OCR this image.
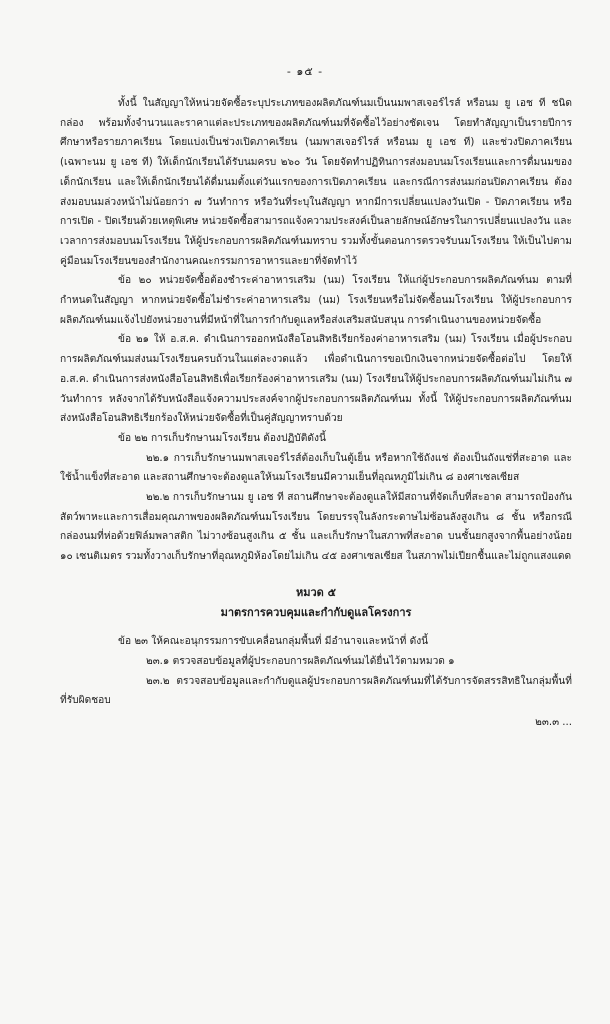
- ๑๕ -

ทั้งนี้ ในสัญญาให้หน่วยจัดซื้อระบุประเภทของผลิตภัณฑ์นมเป็นนมพาสเจอร์ไรส์ หรือนม ยู เอช ที ชนิดกล่อง พร้อมทั้งจำนวนและราคาแต่ละประเภทของผลิตภัณฑ์นมที่จัดซื้อไว้อย่างชัดเจน โดยทำสัญญาเป็นรายปีการศึกษาหรือรายภาคเรียน โดยแบ่งเป็นช่วงเปิดภาคเรียน (นมพาสเจอร์ไรส์ หรือนม ยู เอช ที) และช่วงปิดภาคเรียน (เฉพาะนม ยู เอช ที) ให้เด็กนักเรียนได้รับนมครบ ๒๖๐ วัน โดยจัดทำปฏิทินการส่งมอบนมโรงเรียนและการดื่มนมของเด็กนักเรียน และให้เด็กนักเรียนได้ดื่มนมตั้งแต่วันแรกของการเปิดภาคเรียน และกรณีการส่งนมก่อนปิดภาคเรียน ต้องส่งมอบนมล่วงหน้าไม่น้อยกว่า ๗ วันทำการ หรือวันที่ระบุในสัญญา หากมีการเปลี่ยนแปลงวันเปิด - ปิดภาคเรียน หรือการเปิด - ปิดเรียนด้วยเหตุพิเศษ หน่วยจัดซื้อสามารถแจ้งความประสงค์เป็นลายลักษณ์อักษรในการเปลี่ยนแปลงวัน และเวลาการส่งมอบนมโรงเรียน ให้ผู้ประกอบการผลิตภัณฑ์นมทราบ รวมทั้งขั้นตอนการตรวจรับนมโรงเรียน ให้เป็นไปตามคู่มือนมโรงเรียนของสำนักงานคณะกรรมการอาหารและยาที่จัดทำไว้

ข้อ ๒๐ หน่วยจัดซื้อต้องชำระค่าอาหารเสริม (นม) โรงเรียน ให้แก่ผู้ประกอบการผลิตภัณฑ์นม ตามที่กำหนดในสัญญา หากหน่วยจัดซื้อไม่ชำระค่าอาหารเสริม (นม) โรงเรียนหรือไม่จัดซื้อนมโรงเรียน ให้ผู้ประกอบการผลิตภัณฑ์นมแจ้งไปยังหน่วยงานที่มีหน้าที่ในการกำกับดูแลหรือส่งเสริมสนับสนุน การดำเนินงานของหน่วยจัดซื้อ

ข้อ ๒๑ ให้ อ.ส.ค. ดำเนินการออกหนังสือโอนสิทธิเรียกร้องค่าอาหารเสริม (นม) โรงเรียน เมื่อผู้ประกอบการผลิตภัณฑ์นมส่งนมโรงเรียนครบถ้วนในแต่ละงวดแล้ว เพื่อดำเนินการขอเบิกเงินจากหน่วยจัดซื้อต่อไป โดยให้ อ.ส.ค. ดำเนินการส่งหนังสือโอนสิทธิเพื่อเรียกร้องค่าอาหารเสริม (นม) โรงเรียนให้ผู้ประกอบการผลิตภัณฑ์นมไม่เกิน ๗ วันทำการ หลังจากได้รับหนังสือแจ้งความประสงค์จากผู้ประกอบการผลิตภัณฑ์นม ทั้งนี้ ให้ผู้ประกอบการผลิตภัณฑ์นมส่งหนังสือโอนสิทธิเรียกร้องให้หน่วยจัดซื้อที่เป็นคู่สัญญาทราบด้วย

ข้อ ๒๒ การเก็บรักษานมโรงเรียน ต้องปฏิบัติดังนี้

๒๒.๑ การเก็บรักษานมพาสเจอร์ไรส์ต้องเก็บในตู้เย็น หรือหากใช้ถังแช่ ต้องเป็นถังแช่ที่สะอาด และใช้น้ำแข็งที่สะอาด และสถานศึกษาจะต้องดูแลให้นมโรงเรียนมีความเย็นที่อุณหภูมิไม่เกิน ๘ องศาเซลเซียส

๒๒.๒ การเก็บรักษานม ยู เอช ที สถานศึกษาจะต้องดูแลให้มีสถานที่จัดเก็บที่สะอาด สามารถป้องกันสัตว์พาหะและการเสื่อมคุณภาพของผลิตภัณฑ์นมโรงเรียน โดยบรรจุในลังกระดาษไม่ซ้อนลังสูงเกิน ๘ ชั้น หรือกรณีกล่องนมที่ห่อด้วยฟิล์มพลาสติก ไม่วางซ้อนสูงเกิน ๕ ชั้น และเก็บรักษาในสภาพที่สะอาด บนชั้นยกสูงจากพื้นอย่างน้อย ๑๐ เซนติเมตร รวมทั้งวางเก็บรักษาที่อุณหภูมิห้องโดยไม่เกิน ๔๕ องศาเซลเซียส ในสภาพไม่เปียกชื้นและไม่ถูกแสงแดด

หมวด ๕

มาตรการควบคุมและกำกับดูแลโครงการ

ข้อ ๒๓ ให้คณะอนุกรรมการขับเคลื่อนกลุ่มพื้นที่ มีอำนาจและหน้าที่ ดังนี้

๒๓.๑ ตรวจสอบข้อมูลที่ผู้ประกอบการผลิตภัณฑ์นมได้ยื่นไว้ตามหมวด ๑

๒๓.๒ ตรวจสอบข้อมูลและกำกับดูแลผู้ประกอบการผลิตภัณฑ์นมที่ได้รับการจัดสรรสิทธิในกลุ่มพื้นที่ที่รับผิดชอบ

๒๓.๓ ...
